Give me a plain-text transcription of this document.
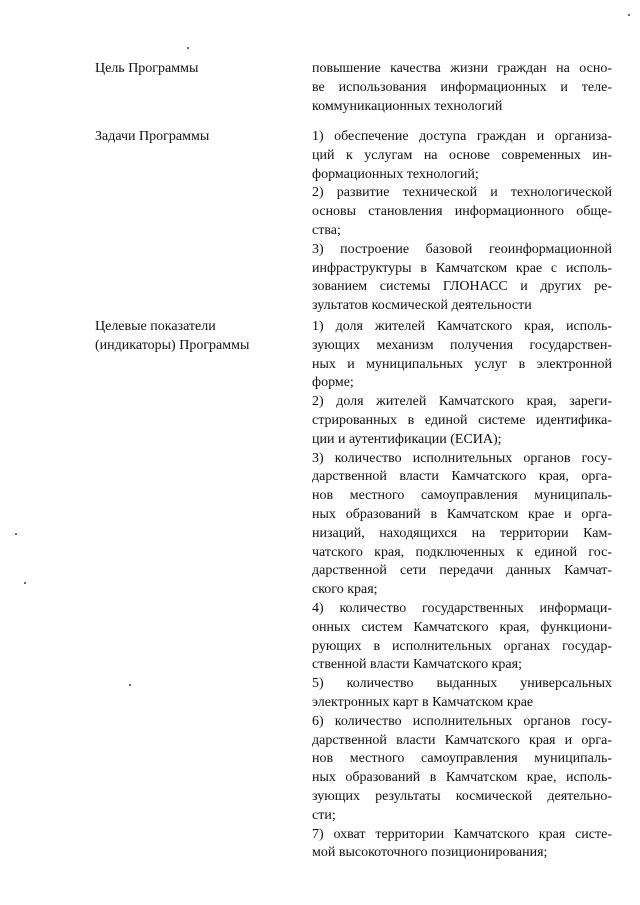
Цель Программы	повышение качества жизни граждан на осно-
ве использования информационных и теле-
коммуникационных технологий
Задачи Программы	1) обеспечение доступа граждан и организа-
ций к услугам на основе современных ин-
формационных технологий;
2) развитие технической и технологической
основы становления информационного обще-
ства;
3) построение базовой геоинформационной
инфраструктуры в Камчатском крае с исполь-
зованием системы ГЛОНАСС и других ре-
зультатов космической деятельности
Целевые показатели
(индикаторы) Программы
1) доля жителей Камчатского края, исполь-
зующих механизм получения государствен-
ных и муниципальных услуг в электронной
форме;
2) доля жителей Камчатского края, зареги-
стрированных в единой системе идентифика-
ции и аутентификации (ЕСИА);
3) количество исполнительных органов госу-
дарственной власти Камчатского края, орга-
нов местного самоуправления муниципаль-
ных образований в Камчатском крае и орга-
низаций, находящихся на территории Кам-
чатского края, подключенных к единой гос-
дарственной сети передачи данных Камчат-
ского края;
4) количество государственных информаци-
онных систем Камчатского края, функциони-
рующих в исполнительных органах государ-
ственной власти Камчатского края;
5) количество выданных универсальных
электронных карт в Камчатском крае
6) количество исполнительных органов госу-
дарственной власти Камчатского края и орга-
нов местного самоуправления муниципаль-
ных образований в Камчатском крае, исполь-
зующих результаты космической деятельно-
сти;
7) охват территории Камчатского края систе-
мой высокоточного позиционирования;
